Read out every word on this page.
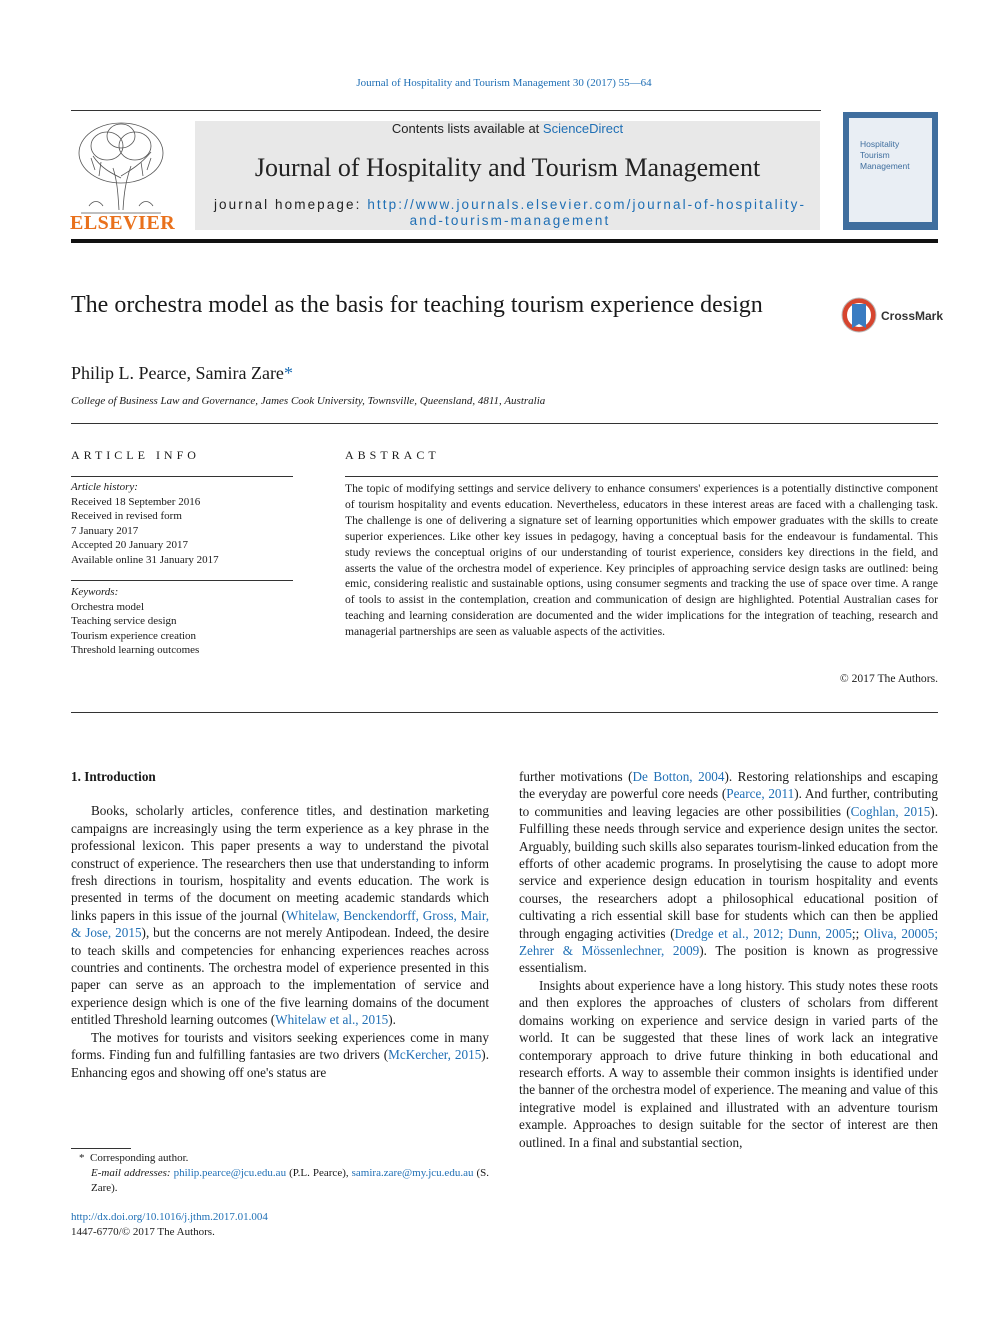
Journal of Hospitality and Tourism Management 30 (2017) 55—64
ELSEVIER
Contents lists available at ScienceDirect
Journal of Hospitality and Tourism Management
journal homepage: http://www.journals.elsevier.com/journal-of-hospitality-and-tourism-management
Hospitality
Tourism
Management
The orchestra model as the basis for teaching tourism experience design	CrossMark
Philip L. Pearce, Samira Zare*
College of Business Law and Governance, James Cook University, Townsville, Queensland, 4811, Australia
ARTICLE INFO	ABSTRACT
Article history:
Received 18 September 2016
Received in revised form
7 January 2017
Accepted 20 January 2017
Available online 31 January 2017
Keywords:
Orchestra model
Teaching service design
Tourism experience creation
Threshold learning outcomes
The topic of modifying settings and service delivery to enhance consumers' experiences is a potentially distinctive component of tourism hospitality and events education. Nevertheless, educators in these interest areas are faced with a challenging task. The challenge is one of delivering a signature set of learning opportunities which empower graduates with the skills to create superior experiences. Like other key issues in pedagogy, having a conceptual basis for the endeavour is fundamental. This study reviews the conceptual origins of our understanding of tourist experience, considers key directions in the field, and asserts the value of the orchestra model of experience. Key principles of approaching service design tasks are outlined: being emic, considering realistic and sustainable options, using consumer segments and tracking the use of space over time. A range of tools to assist in the contemplation, creation and communication of design are highlighted. Potential Australian cases for teaching and learning consideration are documented and the wider implications for the integration of teaching, research and managerial partnerships are seen as valuable aspects of the activities.
© 2017 The Authors.

1. Introduction

Books, scholarly articles, conference titles, and destination marketing campaigns are increasingly using the term experience as a key phrase in the professional lexicon. This paper presents a way to understand the pivotal construct of experience. The researchers then use that understanding to inform fresh directions in tourism, hospitality and events education. The work is presented in terms of the document on meeting academic standards which links papers in this issue of the journal (Whitelaw, Benckendorff, Gross, Mair, & Jose, 2015), but the concerns are not merely Antipodean. Indeed, the desire to teach skills and competencies for enhancing experiences reaches across countries and continents. The orchestra model of experience presented in this paper can serve as an approach to the implementation of service and experience design which is one of the five learning domains of the document entitled Threshold learning outcomes (Whitelaw et al., 2015).

The motives for tourists and visitors seeking experiences come in many forms. Finding fun and fulfilling fantasies are two drivers (McKercher, 2015). Enhancing egos and showing off one's status are

further motivations (De Botton, 2004). Restoring relationships and escaping the everyday are powerful core needs (Pearce, 2011). And further, contributing to communities and leaving legacies are other possibilities (Coghlan, 2015). Fulfilling these needs through service and experience design unites the sector. Arguably, building such skills also separates tourism-linked education from the efforts of other academic programs. In proselytising the cause to adopt more service and experience design education in tourism hospitality and events courses, the researchers adopt a philosophical educational position of cultivating a rich essential skill base for students which can then be applied through engaging activities (Dredge et al., 2012; Dunn, 2005;; Oliva, 20005; Zehrer & Mössenlechner, 2009). The position is known as progressive essentialism.

Insights about experience have a long history. This study notes these roots and then explores the approaches of clusters of scholars from different domains working on experience and service design in varied parts of the world. It can be suggested that these lines of work lack an integrative contemporary approach to drive future thinking in both educational and research efforts. A way to assemble their common insights is identified under the banner of the orchestra model of experience. The meaning and value of this integrative model is explained and illustrated with an adventure tourism example. Approaches to design suitable for the sector of interest are then outlined. In a final and substantial section,

* Corresponding author.
E-mail addresses: philip.pearce@jcu.edu.au (P.L. Pearce), samira.zare@my.jcu.edu.au (S. Zare).
http://dx.doi.org/10.1016/j.jthm.2017.01.004
1447-6770/© 2017 The Authors.
